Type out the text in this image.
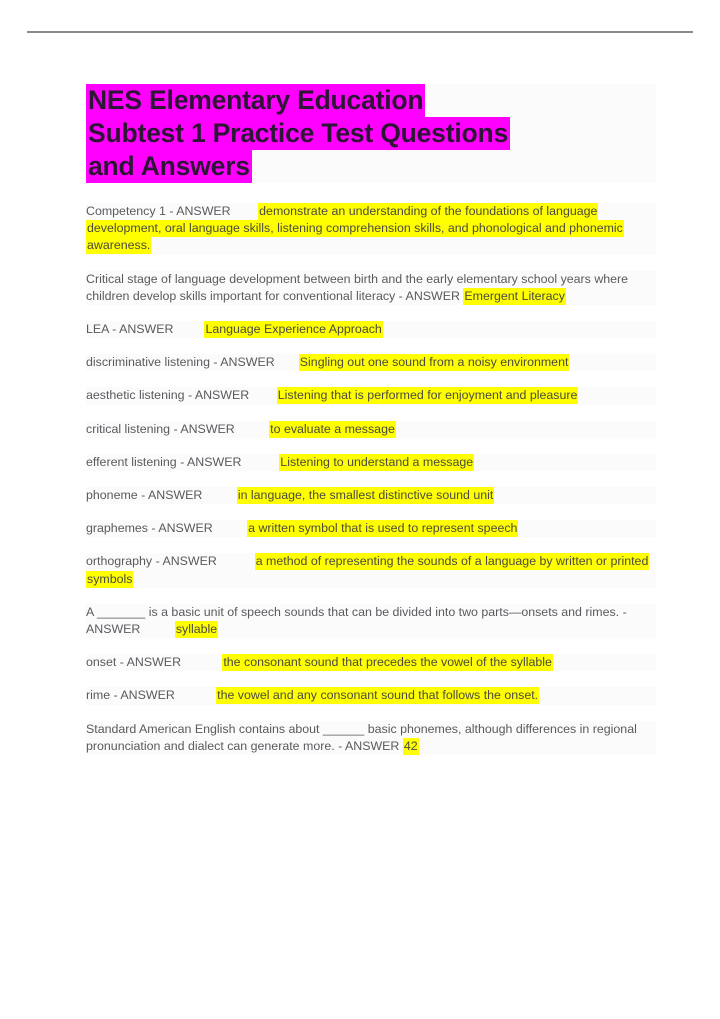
NES Elementary Education
Subtest 1 Practice Test Questions
and Answers

Competency 1 - ANSWER demonstrate an understanding of the foundations of language development, oral language skills, listening comprehension skills, and phonological and phonemic awareness.

Critical stage of language development between birth and the early elementary school years where children develop skills important for conventional literacy - ANSWER Emergent Literacy

LEA - ANSWER	Language Experience Approach

discriminative listening - ANSWER Singling out one sound from a noisy environment

aesthetic listening - ANSWER Listening that is performed for enjoyment and pleasure

critical listening - ANSWER	to evaluate a message

efferent listening - ANSWER	Listening to understand a message

phoneme - ANSWER	in language, the smallest distinctive sound unit

graphemes - ANSWER	a written symbol that is used to represent speech

orthography - ANSWER	a method of representing the sounds of a language by written or printed symbols

A _______ is a basic unit of speech sounds that can be divided into two parts—onsets and rimes. - ANSWER	syllable

onset - ANSWER	the consonant sound that precedes the vowel of the syllable

rime - ANSWER	the vowel and any consonant sound that follows the onset.

Standard American English contains about ______ basic phonemes, although differences in regional pronunciation and dialect can generate more. - ANSWER 42
